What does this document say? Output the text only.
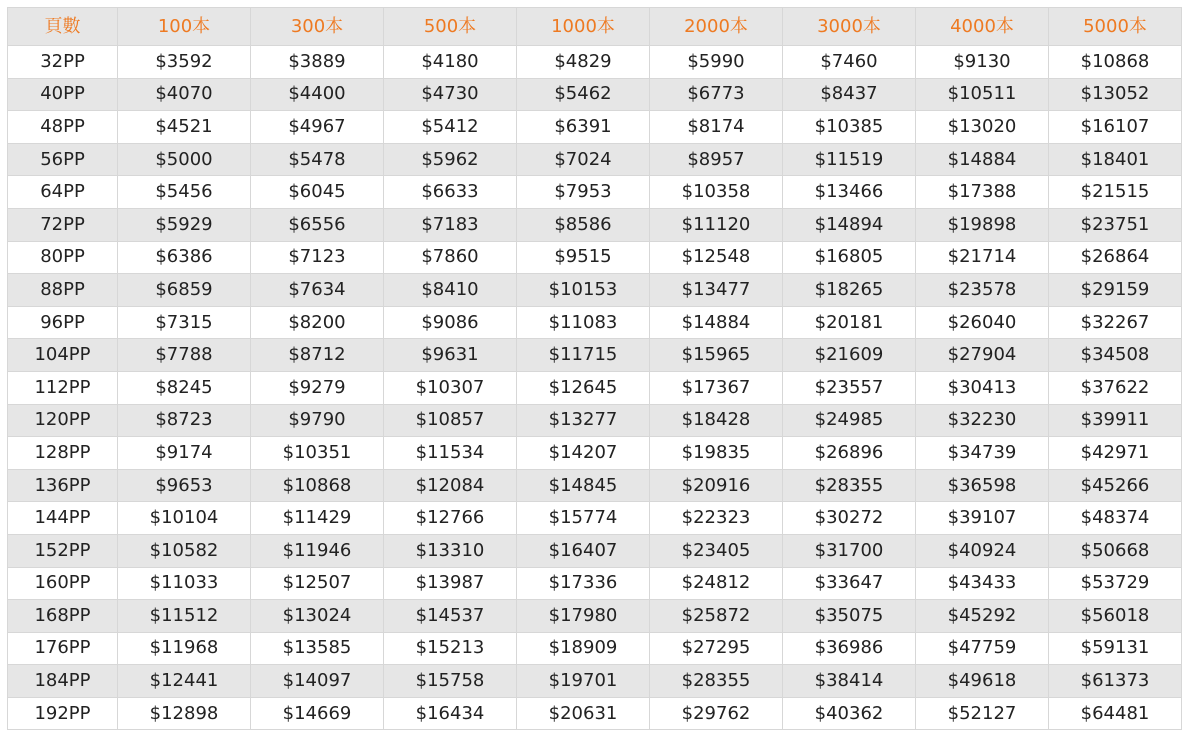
頁數	100本	300本	500本	1000本	2000本	3000本	4000本	5000本
32PP	$3592	$3889	$4180	$4829	$5990	$7460	$9130	$10868
40PP	$4070	$4400	$4730	$5462	$6773	$8437	$10511	$13052
48PP	$4521	$4967	$5412	$6391	$8174	$10385	$13020	$16107
56PP	$5000	$5478	$5962	$7024	$8957	$11519	$14884	$18401
64PP	$5456	$6045	$6633	$7953	$10358	$13466	$17388	$21515
72PP	$5929	$6556	$7183	$8586	$11120	$14894	$19898	$23751
80PP	$6386	$7123	$7860	$9515	$12548	$16805	$21714	$26864
88PP	$6859	$7634	$8410	$10153	$13477	$18265	$23578	$29159
96PP	$7315	$8200	$9086	$11083	$14884	$20181	$26040	$32267
104PP	$7788	$8712	$9631	$11715	$15965	$21609	$27904	$34508
112PP	$8245	$9279	$10307	$12645	$17367	$23557	$30413	$37622
120PP	$8723	$9790	$10857	$13277	$18428	$24985	$32230	$39911
128PP	$9174	$10351	$11534	$14207	$19835	$26896	$34739	$42971
136PP	$9653	$10868	$12084	$14845	$20916	$28355	$36598	$45266
144PP	$10104	$11429	$12766	$15774	$22323	$30272	$39107	$48374
152PP	$10582	$11946	$13310	$16407	$23405	$31700	$40924	$50668
160PP	$11033	$12507	$13987	$17336	$24812	$33647	$43433	$53729
168PP	$11512	$13024	$14537	$17980	$25872	$35075	$45292	$56018
176PP	$11968	$13585	$15213	$18909	$27295	$36986	$47759	$59131
184PP	$12441	$14097	$15758	$19701	$28355	$38414	$49618	$61373
192PP	$12898	$14669	$16434	$20631	$29762	$40362	$52127	$64481
